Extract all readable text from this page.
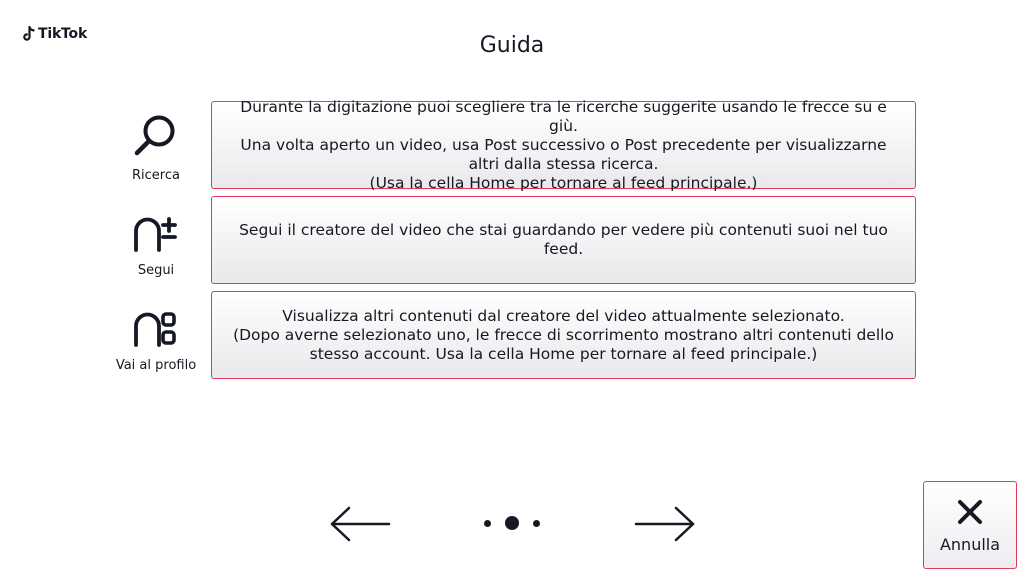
TikTok	Guida
Ricerca
Durante la digitazione puoi scegliere tra le ricerche suggerite usando le frecce su e giù.
Una volta aperto un video, usa Post successivo o Post precedente per visualizzarne altri dalla stessa ricerca.
(Usa la cella Home per tornare al feed principale.)
Segui
Segui il creatore del video che stai guardando per vedere più contenuti suoi nel tuo feed.
Vai al profilo
Visualizza altri contenuti dal creatore del video attualmente selezionato.
(Dopo averne selezionato uno, le frecce di scorrimento mostrano altri contenuti dello stesso account. Usa la cella Home per tornare al feed principale.)
Annulla
